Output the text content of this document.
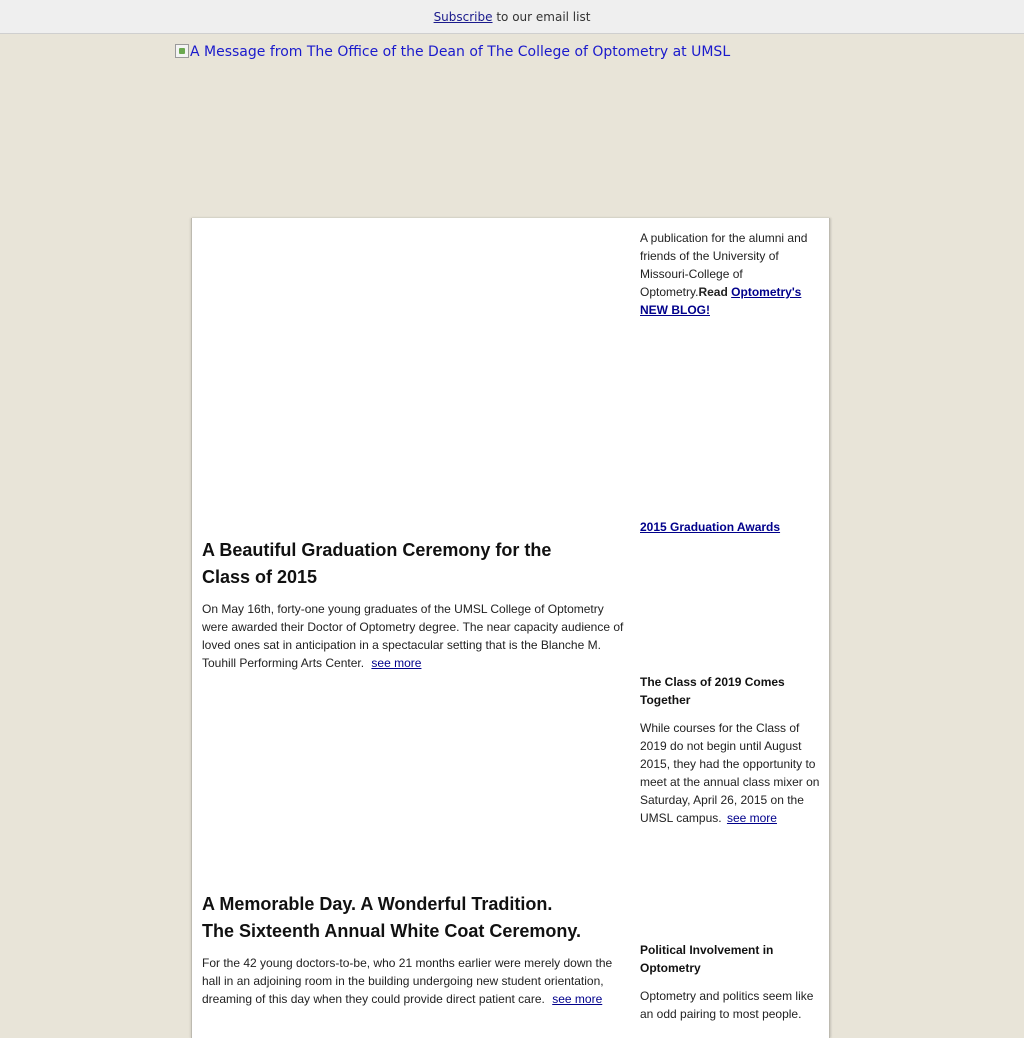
Subscribe to our email list
A Message from The Office of the Dean of The College of Optometry at UMSL

A publication for the alumni and friends of the University of Missouri-College of Optometry.Read Optometry's NEW BLOG!

2015 Graduation Awards
A Beautiful Graduation Ceremony for the
Class of 2015

On May 16th, forty-one young graduates of the UMSL College of Optometry were awarded their Doctor of Optometry degree. The near capacity audience of loved ones sat in anticipation in a spectacular setting that is the Blanche M. Touhill Performing Arts Center. see more

The Class of 2019 Comes Together

While courses for the Class of 2019 do not begin until August 2015, they had the opportunity to meet at the annual class mixer on Saturday, April 26, 2015 on the UMSL campus. see more

A Memorable Day. A Wonderful Tradition.
The Sixteenth Annual White Coat Ceremony.

For the 42 young doctors-to-be, who 21 months earlier were merely down the hall in an adjoining room in the building undergoing new student orientation, dreaming of this day when they could provide direct patient care. see more

Political Involvement in Optometry

Optometry and politics seem like an odd pairing to most people.
